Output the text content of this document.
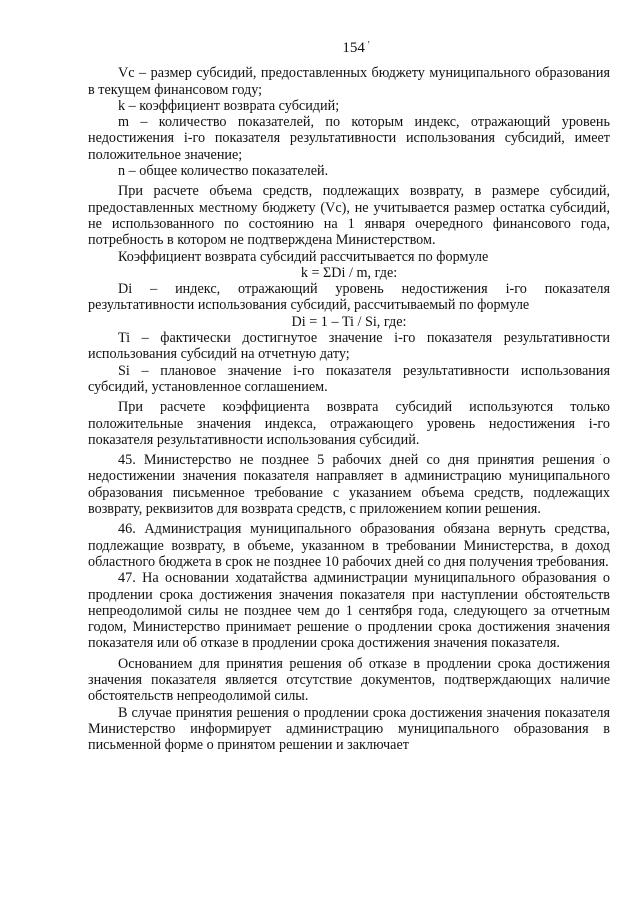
154 '

Vc – размер субсидий, предоставленных бюджету муниципального образования в текущем финансовом году;

k – коэффициент возврата субсидий;

m – количество показателей, по которым индекс, отражающий уровень недостижения i-го показателя результативности использования субсидий, имеет положительное значение;

n – общее количество показателей.

При расчете объема средств, подлежащих возврату, в размере субсидий, предоставленных местному бюджету (Vc), не учитывается размер остатка субсидий, не использованного по состоянию на 1 января очередного финансового года, потребность в котором не подтверждена Министерством.

Коэффициент возврата субсидий рассчитывается по формуле

k = ΣDi / m, где:

Di – индекс, отражающий уровень недостижения i-го показателя результативности использования субсидий, рассчитываемый по формуле

Di = 1 – Ti / Si, где:

Ti – фактически достигнутое значение i-го показателя результативности использования субсидий на отчетную дату;

Si – плановое значение i-го показателя результативности использования субсидий, установленное соглашением.

При расчете коэффициента возврата субсидий используются только положительные значения индекса, отражающего уровень недостижения i-го показателя результативности использования субсидий.

45. Министерство не позднее 5 рабочих дней со дня принятия решения о недостижении значения показателя направляет в администрацию муниципального образования письменное требование с указанием объема средств, подлежащих возврату, реквизитов для возврата средств, с приложением копии решения.

46. Администрация муниципального образования обязана вернуть средства, подлежащие возврату, в объеме, указанном в требовании Министерства, в доход областного бюджета в срок не позднее 10 рабочих дней со дня получения требования.

47. На основании ходатайства администрации муниципального образования о продлении срока достижения значения показателя при наступлении обстоятельств непреодолимой силы не позднее чем до 1 сентября года, следующего за отчетным годом, Министерство принимает решение о продлении срока достижения значения показателя или об отказе в продлении срока достижения значения показателя.

Основанием для принятия решения об отказе в продлении срока достижения значения показателя является отсутствие документов, подтверждающих наличие обстоятельств непреодолимой силы.

В случае принятия решения о продлении срока достижения значения показателя Министерство информирует администрацию муниципального образования в письменной форме о принятом решении и заключает
